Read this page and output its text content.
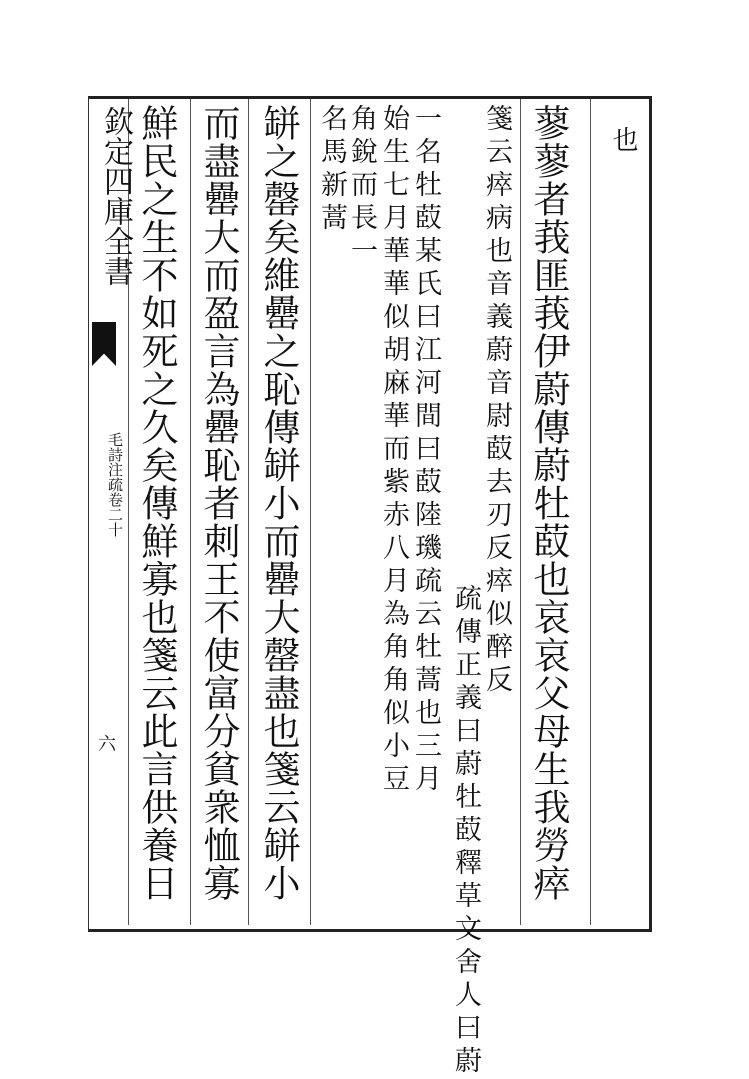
欽定四庫全書
毛詩注疏卷二十
六
也
蓼蓼者莪匪莪伊蔚傳蔚牡菣也哀哀父母生我勞瘁
箋云瘁病也音義蔚音尉菣去刃反瘁似醉反
疏傳正義曰蔚牡菣釋草文舍人曰蔚
一名牡菣某氏曰江河間曰菣陸璣疏云牡蒿也三月
始生七月華華似胡麻華而紫赤八月為角角似小豆
角銳而長一
名馬新蒿
缾之罄矣維罍之恥傳缾小而罍大罄盡也箋云缾小
而盡罍大而盈言為罍恥者刺王不使富分貧衆恤寡
鮮民之生不如死之久矣傳鮮寡也箋云此言供養日
